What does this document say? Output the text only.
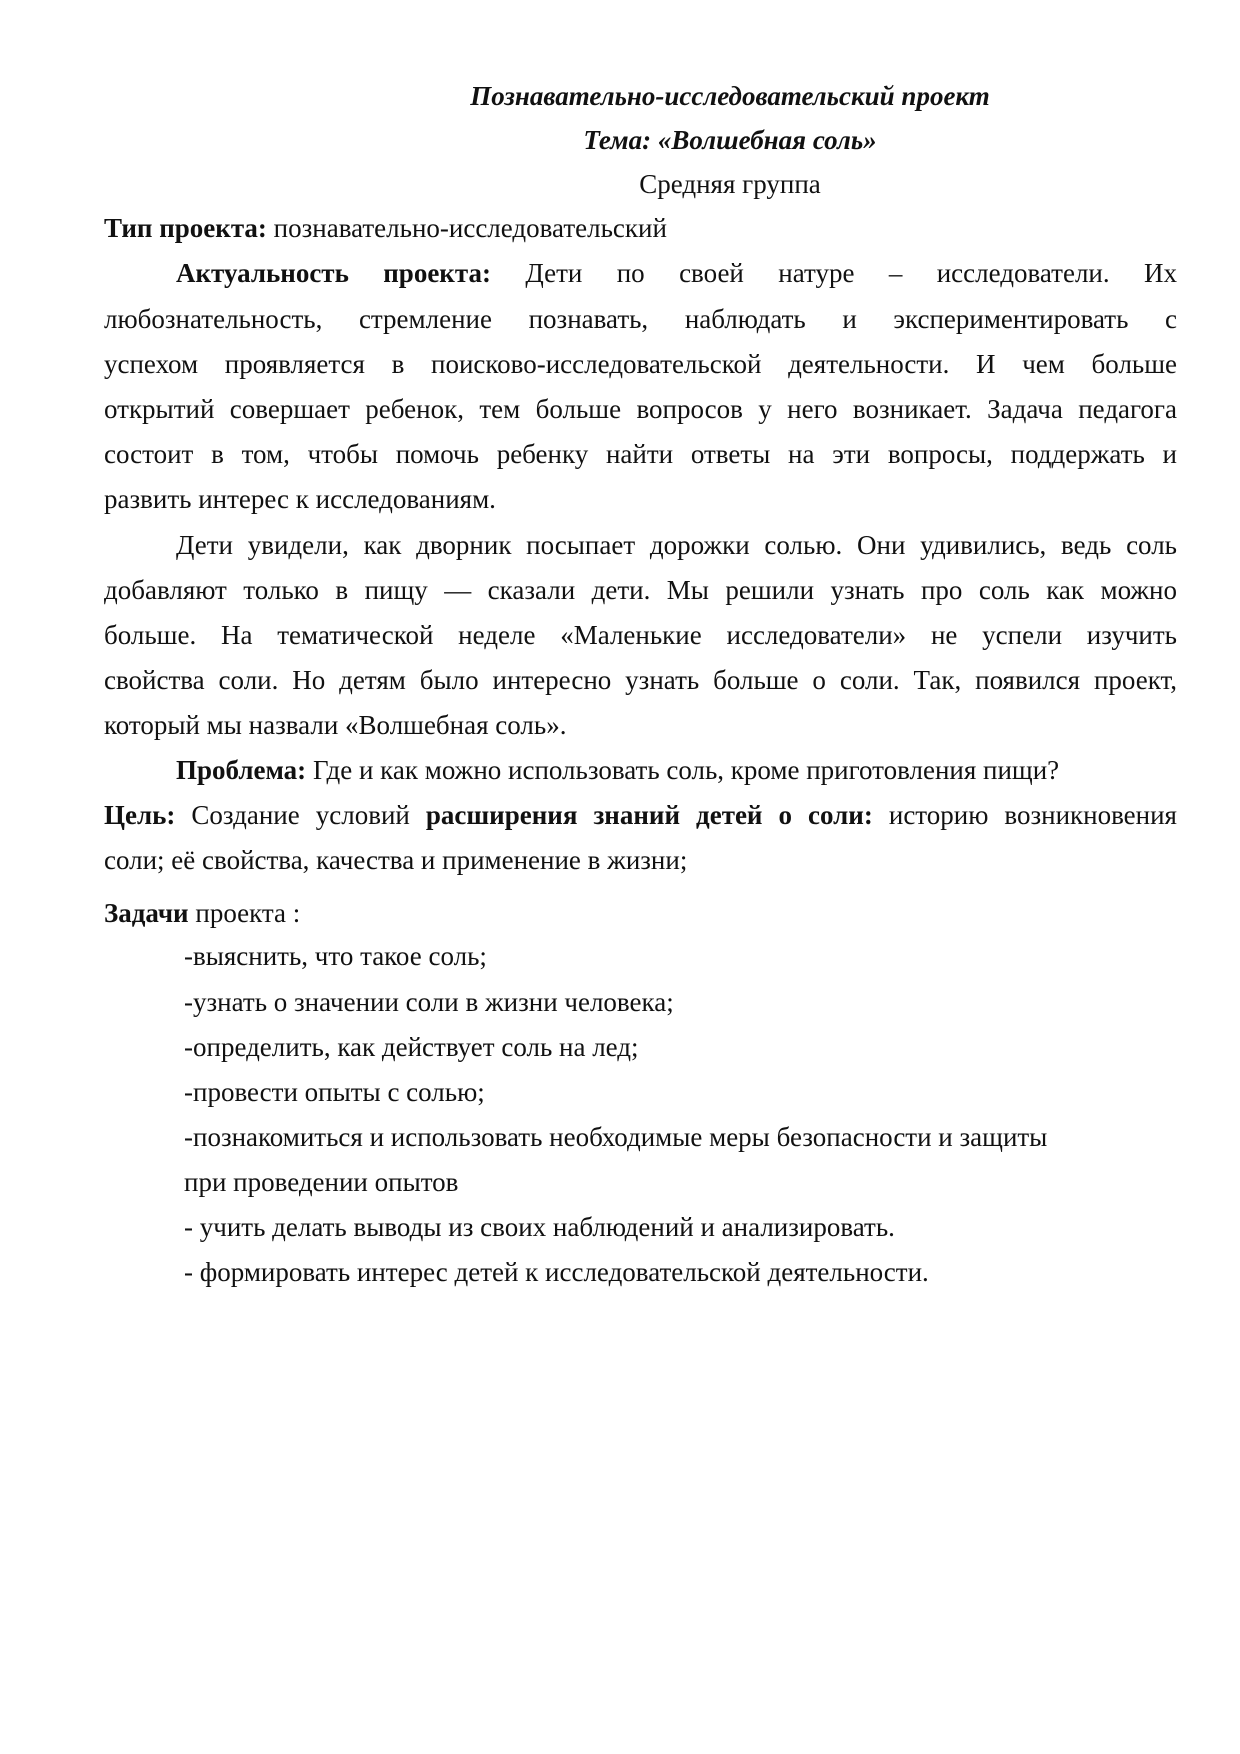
Познавательно-исследовательский проект
Тема: «Волшебная соль»
Средняя группа
Тип проекта: познавательно-исследовательский
Актуальность проекта: Дети по своей натуре – исследователи. Их
любознательность, стремление познавать, наблюдать и экспериментировать с
успехом проявляется в поисково-исследовательской деятельности. И чем больше
открытий совершает ребенок, тем больше вопросов у него возникает. Задача педагога
состоит в том, чтобы помочь ребенку найти ответы на эти вопросы, поддержать и
развить интерес к исследованиям.
Дети увидели, как дворник посыпает дорожки солью. Они удивились, ведь соль
добавляют только в пищу — сказали дети. Мы решили узнать про соль как можно
больше. На тематической неделе «Маленькие исследователи» не успели изучить
свойства соли. Но детям было интересно узнать больше о соли. Так, появился проект,
который мы назвали «Волшебная соль».
Проблема: Где и как можно использовать соль, кроме приготовления пищи?
Цель: Создание условий расширения знаний детей о соли: историю возникновения
соли; её свойства, качества и применение в жизни;
Задачи проекта :
-выяснить, что такое соль;
-узнать о значении соли в жизни человека;
-определить, как действует соль на лед;
-провести опыты с солью;
-познакомиться и использовать необходимые меры безопасности и защиты
при проведении опытов
- учить делать выводы из своих наблюдений и анализировать.
- формировать интерес детей к исследовательской деятельности.
